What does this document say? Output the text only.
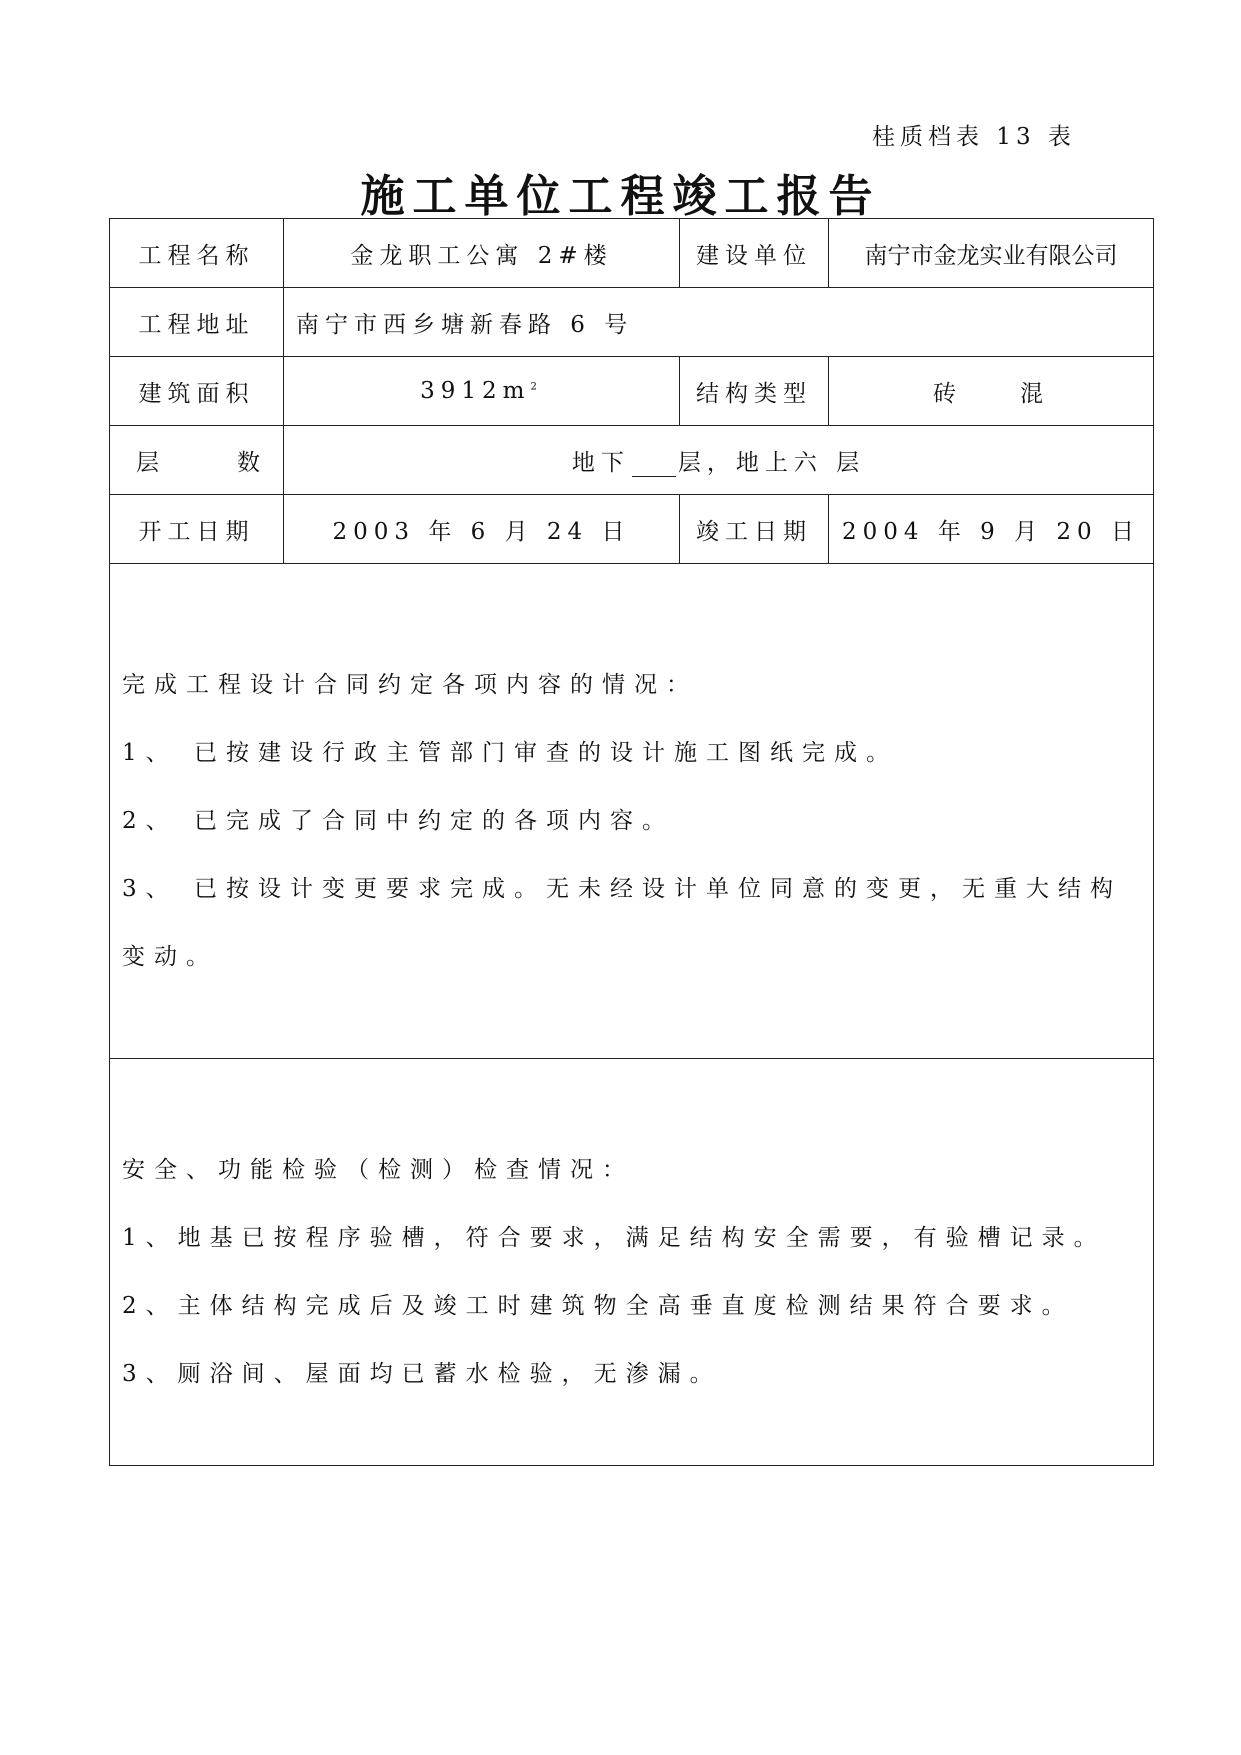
桂质档表 13 表
施工单位工程竣工报告
工程名称	金龙职工公寓 2#楼	建设单位	南宁市金龙实业有限公司
工程地址	南宁市西乡塘新春路 6 号		
建筑面积	$3912m^2$	结构类型	砖　　混
层 数	地下 层，地上六 层		
开工日期	2003 年 6 月 24 日	竣工日期	2004 年 9 月 20 日

完成工程设计合同约定各项内容的情况：

1、 已按建设行政主管部门审查的设计施工图纸完成。

2、 已完成了合同中约定的各项内容。

3、 已按设计变更要求完成。无未经设计单位同意的变更，无重大结构变动。			

安全、功能检验（检测）检查情况：

1、地基已按程序验槽，符合要求，满足结构安全需要，有验槽记录。

2、主体结构完成后及竣工时建筑物全高垂直度检测结果符合要求。

3、厕浴间、屋面均已蓄水检验，无渗漏。			
